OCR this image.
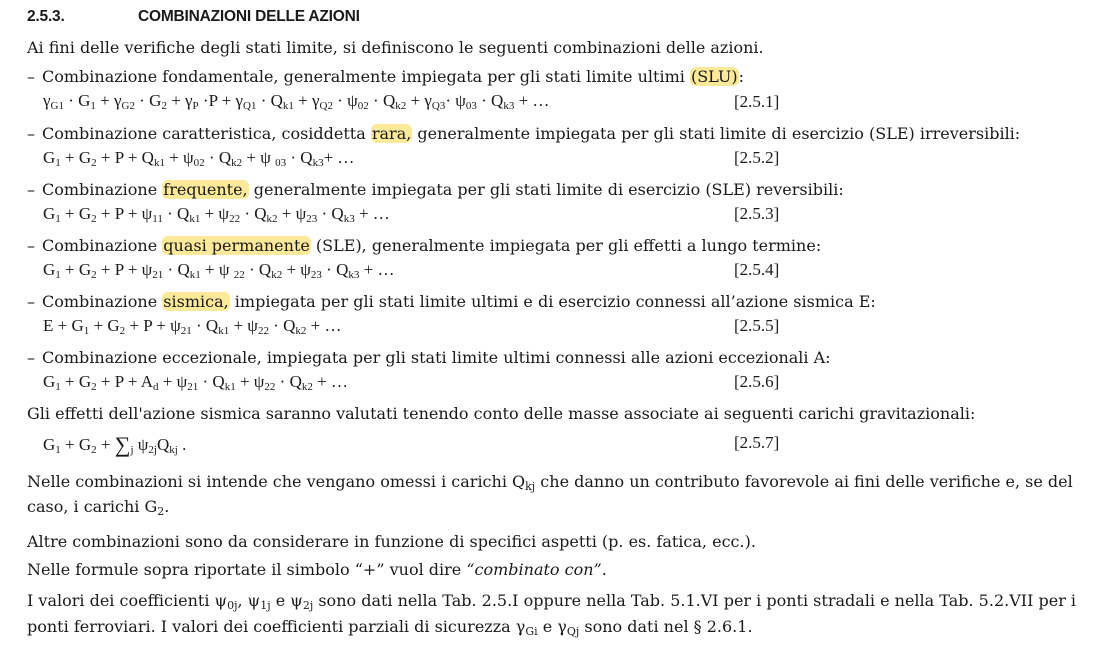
2.5.3.	COMBINAZIONI DELLE AZIONI
Ai fini delle verifiche degli stati limite, si definiscono le seguenti combinazioni delle azioni.
– Combinazione fondamentale, generalmente impiegata per gli stati limite ultimi (SLU):
$\gamma_{G1} \cdot G_1 + \gamma_{G2} \cdot G_2 + \gamma_P \cdot P + \gamma_{Q1} \cdot Q_{k1} + \gamma_{Q2} \cdot \psi_{02} \cdot Q_{k2} + \gamma_{Q3}\cdot \psi_{03} \cdot Q_{k3}$ + …	[2.5.1]
– Combinazione caratteristica, cosiddetta rara, generalmente impiegata per gli stati limite di esercizio (SLE) irreversibili:
$G_1 + G_2 + P + Q_{k1} + \psi_{02} \cdot Q_{k2} + \psi$ $_{03} \cdot Q_{k3}+$ …	[2.5.2]
– Combinazione frequente, generalmente impiegata per gli stati limite di esercizio (SLE) reversibili:
$G_1 + G_2 + P + \psi_{11} \cdot Q_{k1} + \psi_{22} \cdot Q_{k2} + \psi_{23} \cdot Q_{k3}$ + …	[2.5.3]
– Combinazione quasi permanente (SLE), generalmente impiegata per gli effetti a lungo termine:
$G_1 + G_2 + P + \psi_{21} \cdot Q_{k1} + \psi$ $_{22} \cdot Q_{k2} + \psi_{23} \cdot Q_{k3}$ + …	[2.5.4]
– Combinazione sismica, impiegata per gli stati limite ultimi e di esercizio connessi all’azione sismica E:
$E + G_1 + G_2 + P + \psi_{21} \cdot Q_{k1} + \psi_{22} \cdot Q_{k2}$ + …	[2.5.5]
– Combinazione eccezionale, impiegata per gli stati limite ultimi connessi alle azioni eccezionali A:
$G_1 + G_2 + P + A_d + \psi_{21} \cdot Q_{k1} + \psi_{22} \cdot Q_{k2}$ + …	[2.5.6]
Gli effetti dell'azione sismica saranno valutati tenendo conto delle masse associate ai seguenti carichi gravitazionali:
$G_1 + G_2 + \sum_j$ $\psi_{2j}Q_{kj}$ .	[2.5.7]
Nelle combinazioni si intende che vengano omessi i carichi $Q_{kj}$ che danno un contributo favorevole ai fini delle verifiche e, se del
caso, i carichi $G_2$.
Altre combinazioni sono da considerare in funzione di specifici aspetti (p. es. fatica, ecc.).
Nelle formule sopra riportate il simbolo “+” vuol dire “combinato con”.
I valori dei coefficienti $\psi_{0j}$, $\psi_{1j}$ e $\psi_{2j}$ sono dati nella Tab. 2.5.I oppure nella Tab. 5.1.VI per i ponti stradali e nella Tab. 5.2.VII per i
ponti ferroviari. I valori dei coefficienti parziali di sicurezza $\gamma_{Gi}$ e $\gamma_{Qj}$ sono dati nel § 2.6.1.
